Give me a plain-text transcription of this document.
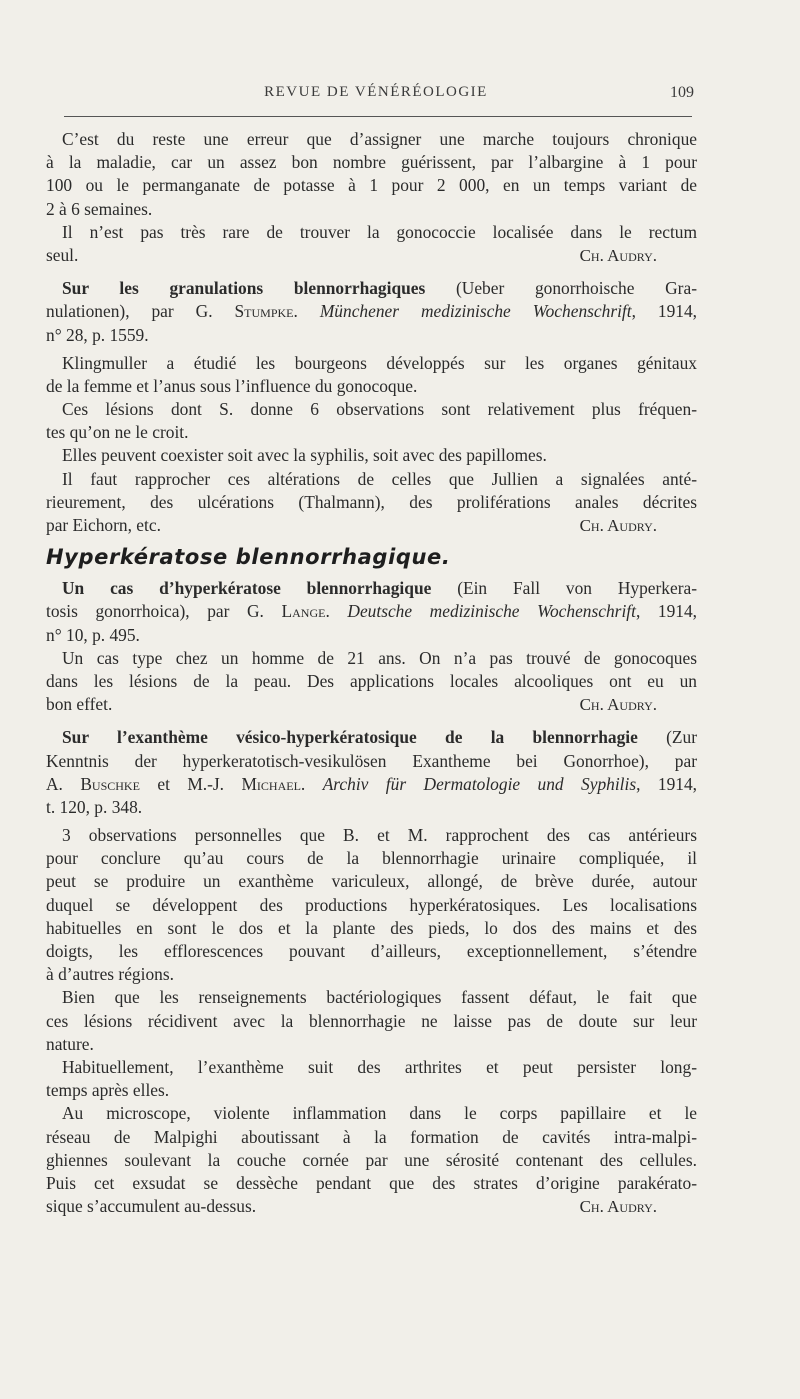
REVUE DE VÉNÉRÉOLOGIE	109
C’est du reste une erreur que d’assigner une marche toujours chronique
à la maladie, car un assez bon nombre guérissent, par l’albargine à 1 pour
100 ou le permanganate de potasse à 1 pour 2 000, en un temps variant de
2 à 6 semaines.
Il n’est pas très rare de trouver la gonococcie localisée dans le rectum
seul.	Ch. Audry.
Sur les granulations blennorrhagiques (Ueber gonorrhoische Gra-
nulationen), par G. Stumpke. Münchener medizinische Wochenschrift, 1914,
n° 28, p. 1559.
Klingmuller a étudié les bourgeons développés sur les organes génitaux
de la femme et l’anus sous l’influence du gonocoque.
Ces lésions dont S. donne 6 observations sont relativement plus fréquen-
tes qu’on ne le croit.
Elles peuvent coexister soit avec la syphilis, soit avec des papillomes.
Il faut rapprocher ces altérations de celles que Jullien a signalées anté-
rieurement, des ulcérations (Thalmann), des proliférations anales décrites
par Eichorn, etc.	Ch. Audry.
Hyperkératose blennorrhagique.
Un cas d’hyperkératose blennorrhagique (Ein Fall von Hyperkera-
tosis gonorrhoica), par G. Lange. Deutsche medizinische Wochenschrift, 1914,
n° 10, p. 495.
Un cas type chez un homme de 21 ans. On n’a pas trouvé de gonocoques
dans les lésions de la peau. Des applications locales alcooliques ont eu un
bon effet.	Ch. Audry.
Sur l’exanthème vésico-hyperkératosique de la blennorrhagie (Zur
Kenntnis der hyperkeratotisch-vesikulösen Exantheme bei Gonorrhoe), par
A. Buschke et M.-J. Michael. Archiv für Dermatologie und Syphilis, 1914,
t. 120, p. 348.
3 observations personnelles que B. et M. rapprochent des cas antérieurs
pour conclure qu’au cours de la blennorrhagie urinaire compliquée, il
peut se produire un exanthème variculeux, allongé, de brève durée, autour
duquel se développent des productions hyperkératosiques. Les localisations
habituelles en sont le dos et la plante des pieds, lo dos des mains et des
doigts, les efflorescences pouvant d’ailleurs, exceptionnellement, s’étendre
à d’autres régions.
Bien que les renseignements bactériologiques fassent défaut, le fait que
ces lésions récidivent avec la blennorrhagie ne laisse pas de doute sur leur
nature.
Habituellement, l’exanthème suit des arthrites et peut persister long-
temps après elles.
Au microscope, violente inflammation dans le corps papillaire et le
réseau de Malpighi aboutissant à la formation de cavités intra-malpi-
ghiennes soulevant la couche cornée par une sérosité contenant des cellules.
Puis cet exsudat se dessèche pendant que des strates d’origine parakérato-
sique s’accumulent au-dessus.	Ch. Audry.
